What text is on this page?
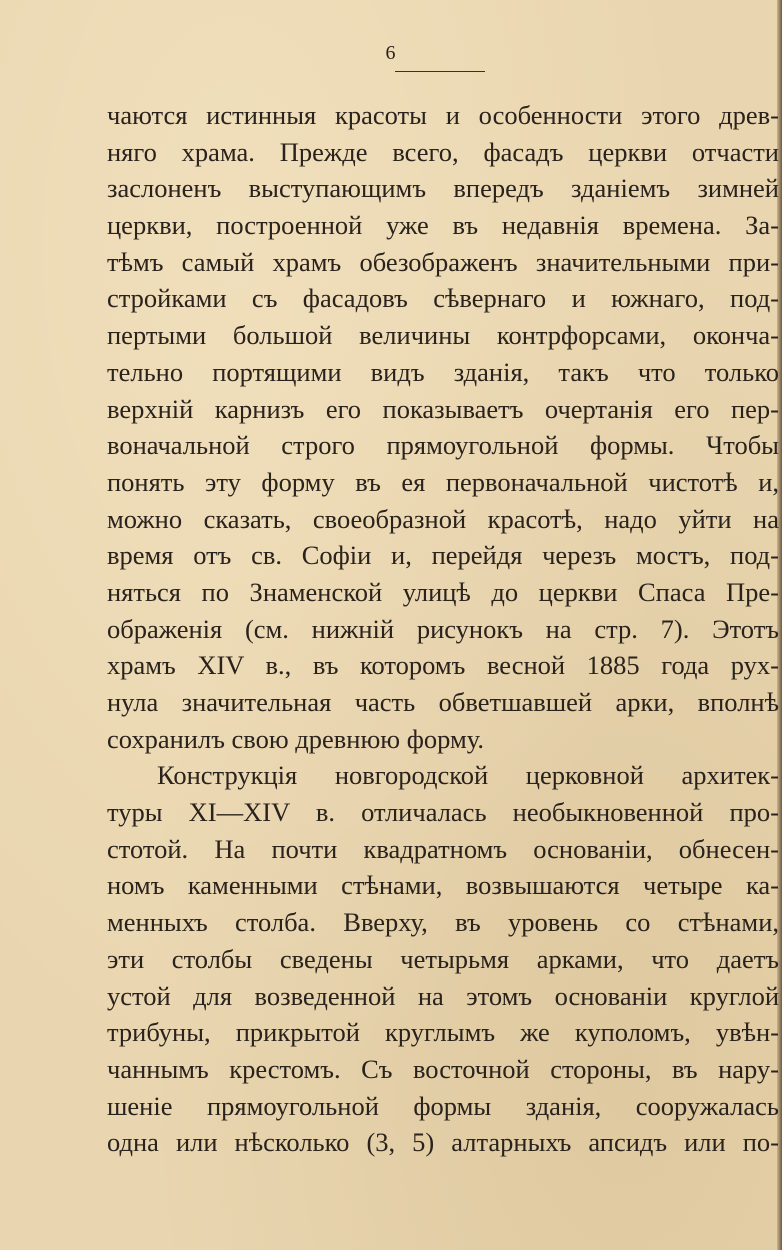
6
чаются истинныя красоты и особенности этого древ-
няго храма. Прежде всего, фасадъ церкви отчасти
заслоненъ выступающимъ впередъ зданіемъ зимней
церкви, построенной уже въ недавнія времена. За-
тѣмъ самый храмъ обезображенъ значительными при-
стройками съ фасадовъ сѣвернаго и южнаго, под-
пертыми большой величины контрфорсами, оконча-
тельно портящими видъ зданія, такъ что только
верхній карнизъ его показываетъ очертанія его пер-
воначальной строго прямоугольной формы. Чтобы
понять эту форму въ ея первоначальной чистотѣ и,
можно сказать, своеобразной красотѣ, надо уйти на
время отъ св. Софіи и, перейдя черезъ мостъ, под-
няться по Знаменской улицѣ до церкви Спаса Пре-
ображенія (см. нижній рисунокъ на стр. 7). Этотъ
храмъ XIV в., въ которомъ весной 1885 года рух-
нула значительная часть обветшавшей арки, вполнѣ
сохранилъ свою древнюю форму.
Конструкція новгородской церковной архитек-
туры XI—XIV в. отличалась необыкновенной про-
стотой. На почти квадратномъ основаніи, обнесен-
номъ каменными стѣнами, возвышаются четыре ка-
менныхъ столба. Вверху, въ уровень со стѣнами,
эти столбы сведены четырьмя арками, что даетъ
устой для возведенной на этомъ основаніи круглой
трибуны, прикрытой круглымъ же куполомъ, увѣн-
чаннымъ крестомъ. Съ восточной стороны, въ нару-
шеніе прямоугольной формы зданія, сооружалась
одна или нѣсколько (3, 5) алтарныхъ апсидъ или по-
